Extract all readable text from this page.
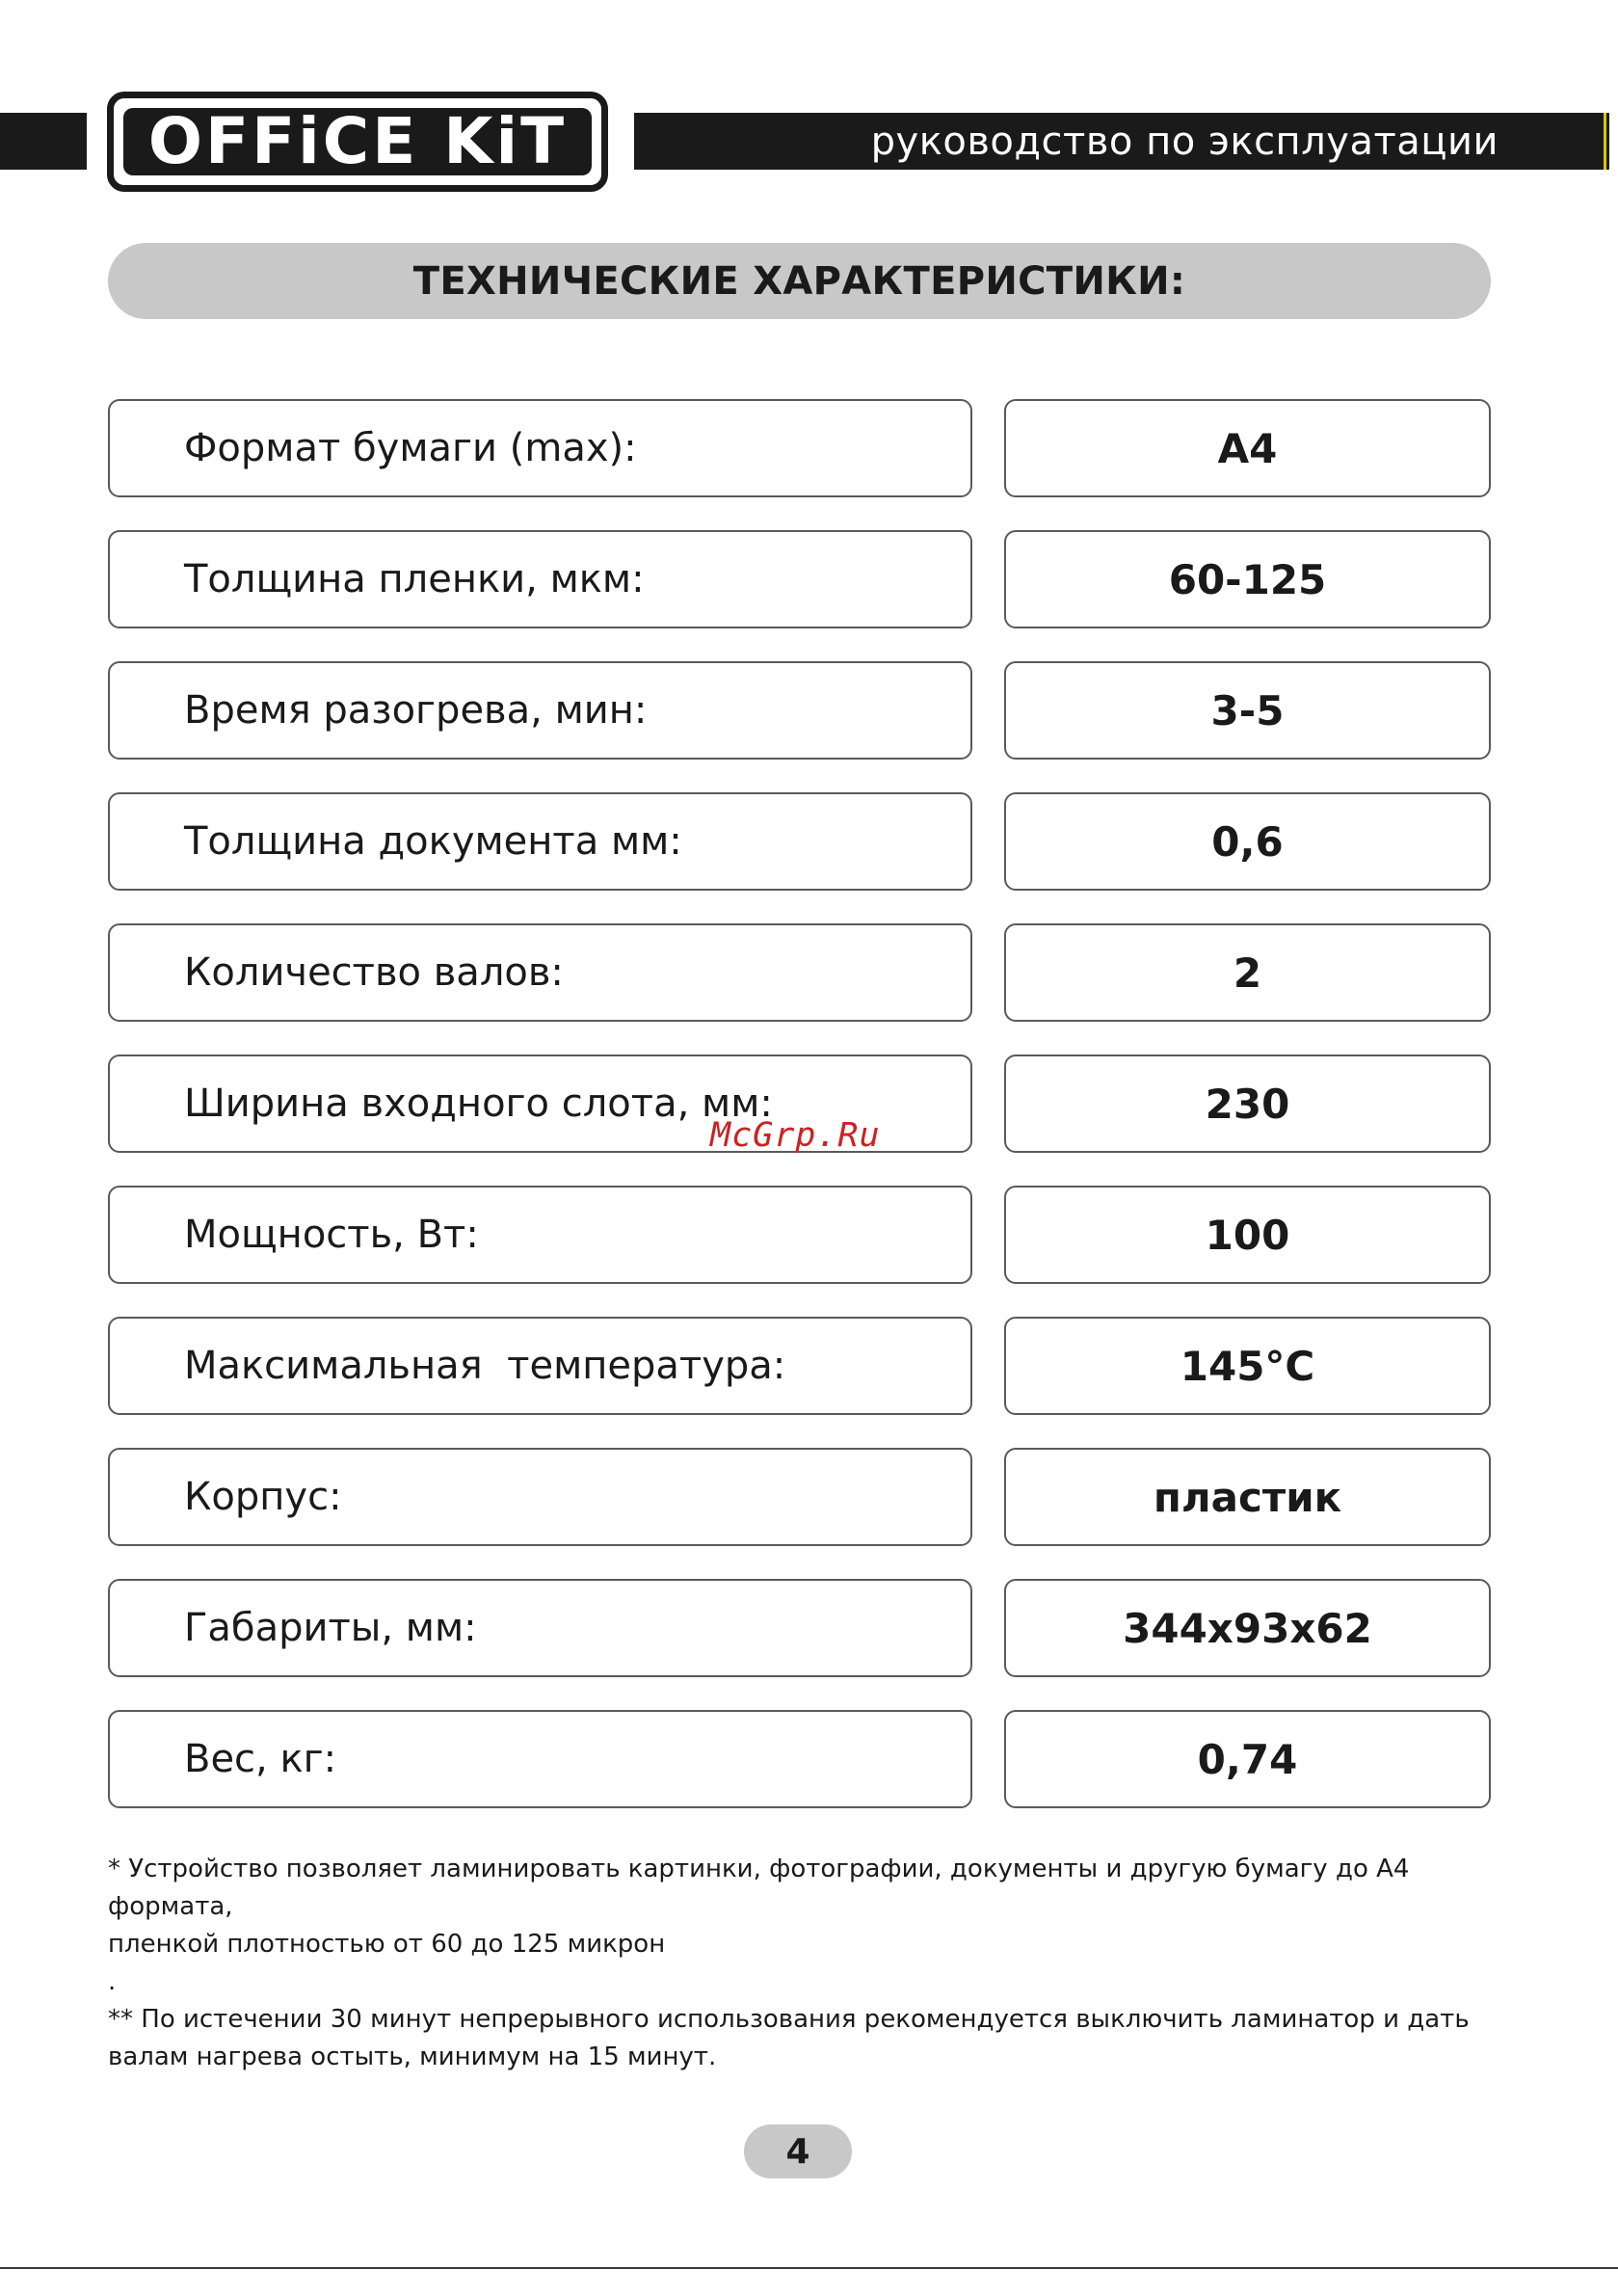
руководство по эксплуатации
OFFiCE KiT
ТЕХНИЧЕСКИЕ ХАРАКТЕРИСТИКИ:
Формат бумаги (max):	A4
Толщина пленки, мкм:	60-125
Время разогрева, мин:	3-5
Толщина документа мм:	0,6
Количество валов:	2
Ширина входного слота, мм:	230
Мощность, Вт:	100
Максимальная  температура:	145°C
Корпус:	пластик
Габариты, мм:	344x93x62
Вес, кг:	0,74
McGrp.Ru

* Устройство позволяет ламинировать картинки, фотографии, документы и другую бумагу до А4 формата,

пленкой плотностью от 60 до 125 микрон

.

** По истечении 30 минут непрерывного использования рекомендуется выключить ламинатор и дать

валам нагрева остыть, минимум на 15 минут.

4
